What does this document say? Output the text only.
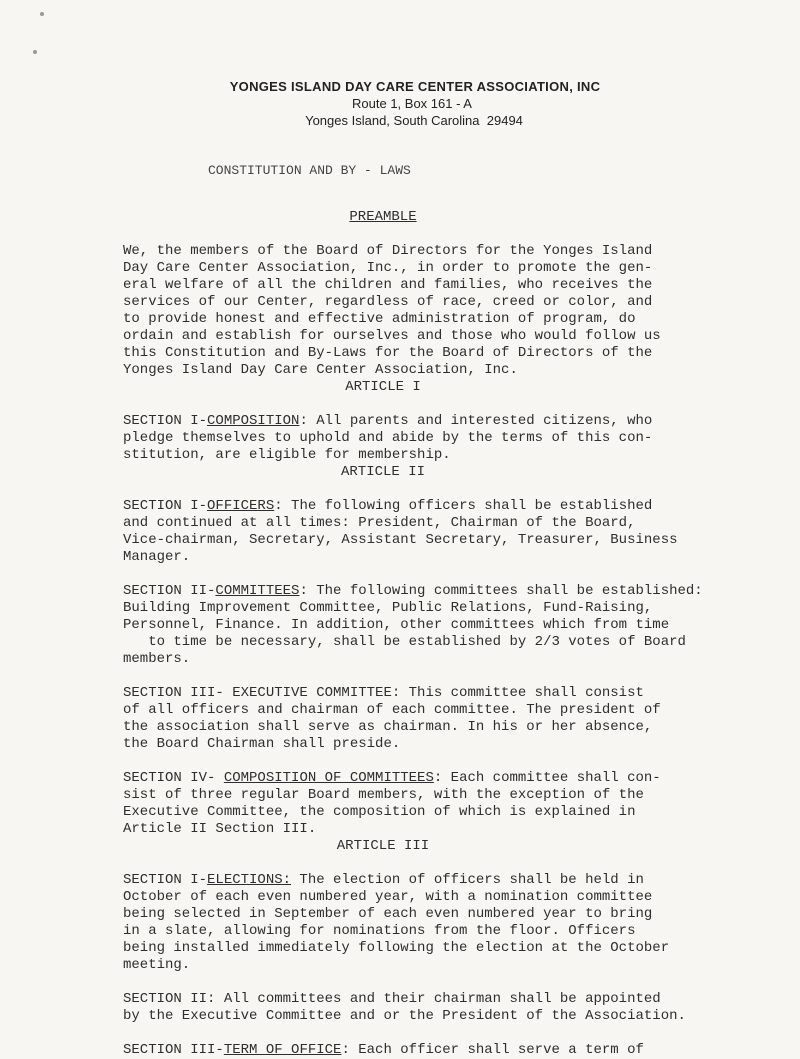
YONGES ISLAND DAY CARE CENTER ASSOCIATION, INC
Route 1, Box 161 - A
Yonges Island, South Carolina 29494
CONSTITUTION AND BY - LAWS
PREAMBLE
We, the members of the Board of Directors for the Yonges Island
Day Care Center Association, Inc., in order to promote the gen-
eral welfare of all the children and families, who receives the
services of our Center, regardless of race, creed or color, and
to provide honest and effective administration of program, do
ordain and establish for ourselves and those who would follow us
this Constitution and By-Laws for the Board of Directors of the
Yonges Island Day Care Center Association, Inc.
ARTICLE I
SECTION I-COMPOSITION: All parents and interested citizens, who
pledge themselves to uphold and abide by the terms of this con-
stitution, are eligible for membership.
ARTICLE II
SECTION I-OFFICERS: The following officers shall be established
and continued at all times: President, Chairman of the Board,
Vice-chairman, Secretary, Assistant Secretary, Treasurer, Business
Manager.
SECTION II-COMMITTEES: The following committees shall be established:
Building Improvement Committee, Public Relations, Fund-Raising,
Personnel, Finance. In addition, other committees which from time
to time be necessary, shall be established by 2/3 votes of Board
members.
SECTION III- EXECUTIVE COMMITTEE: This committee shall consist
of all officers and chairman of each committee. The president of
the association shall serve as chairman. In his or her absence,
the Board Chairman shall preside.
SECTION IV- COMPOSITION OF COMMITTEES: Each committee shall con-
sist of three regular Board members, with the exception of the
Executive Committee, the composition of which is explained in
Article II Section III.
ARTICLE III
SECTION I-ELECTIONS: The election of officers shall be held in
October of each even numbered year, with a nomination committee
being selected in September of each even numbered year to bring
in a slate, allowing for nominations from the floor. Officers
being installed immediately following the election at the October
meeting.
SECTION II: All committees and their chairman shall be appointed
by the Executive Committee and or the President of the Association.
SECTION III-TERM OF OFFICE: Each officer shall serve a term of
